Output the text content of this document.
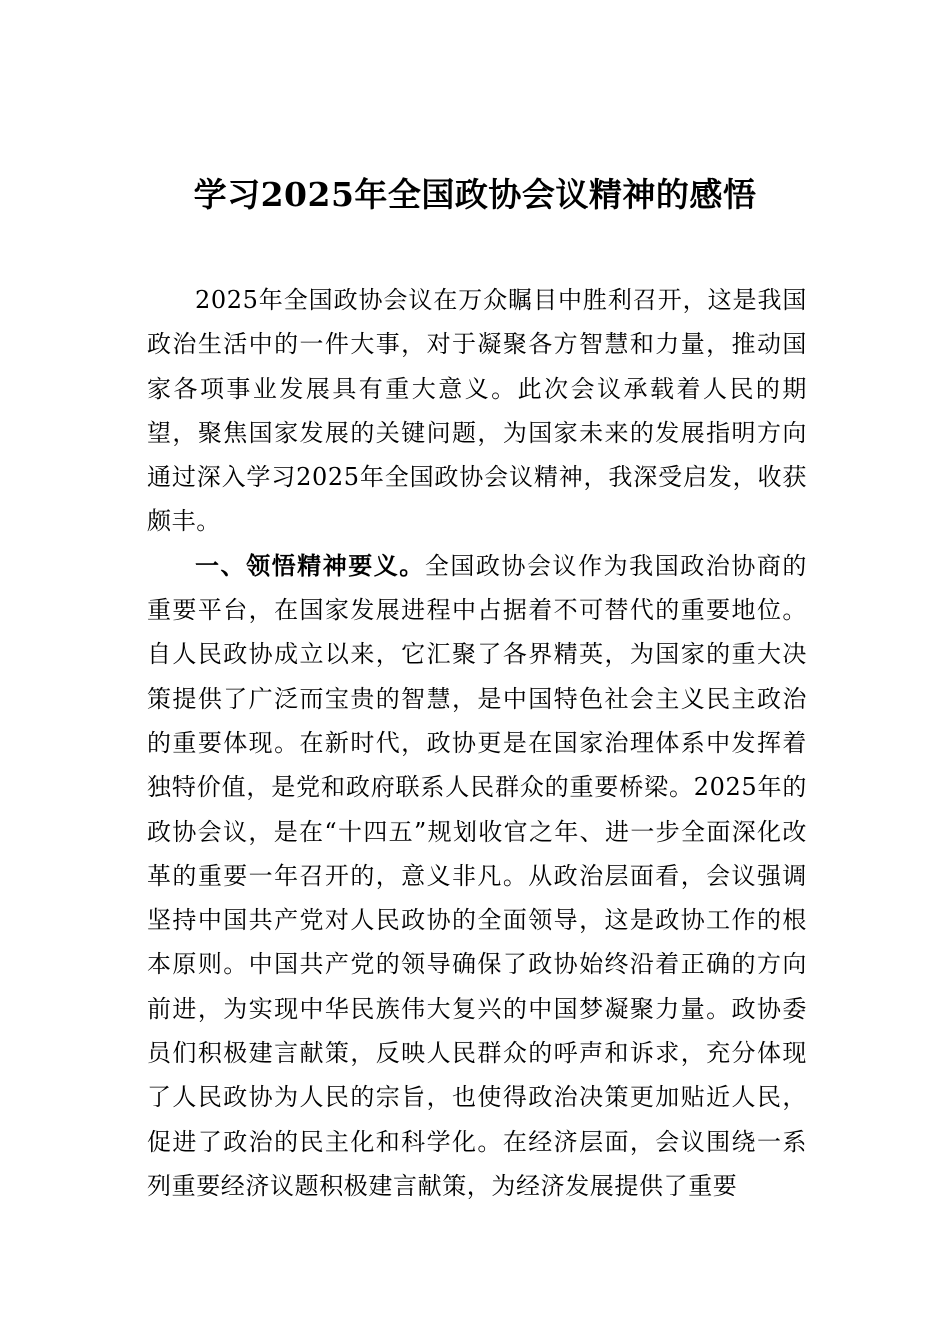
学习2025年全国政协会议精神的感悟

2025年全国政协会议在万众瞩目中胜利召开，这是我国政治生活中的一件大事，对于凝聚各方智慧和力量，推动国家各项事业发展具有重大意义。此次会议承载着人民的期望，聚焦国家发展的关键问题，为国家未来的发展指明方向通过深入学习2025年全国政协会议精神，我深受启发，收获颇丰。

一、领悟精神要义。全国政协会议作为我国政治协商的重要平台，在国家发展进程中占据着不可替代的重要地位。自人民政协成立以来，它汇聚了各界精英，为国家的重大决策提供了广泛而宝贵的智慧，是中国特色社会主义民主政治的重要体现。在新时代，政协更是在国家治理体系中发挥着独特价值，是党和政府联系人民群众的重要桥梁。2025年的政协会议，是在“十四五”规划收官之年、进一步全面深化改革的重要一年召开的，意义非凡。从政治层面看，会议强调坚持中国共产党对人民政协的全面领导，这是政协工作的根本原则。中国共产党的领导确保了政协始终沿着正确的方向前进，为实现中华民族伟大复兴的中国梦凝聚力量。政协委员们积极建言献策，反映人民群众的呼声和诉求，充分体现了人民政协为人民的宗旨，也使得政治决策更加贴近人民，促进了政治的民主化和科学化。在经济层面，会议围绕一系列重要经济议题积极建言献策，为经济发展提供了重要
